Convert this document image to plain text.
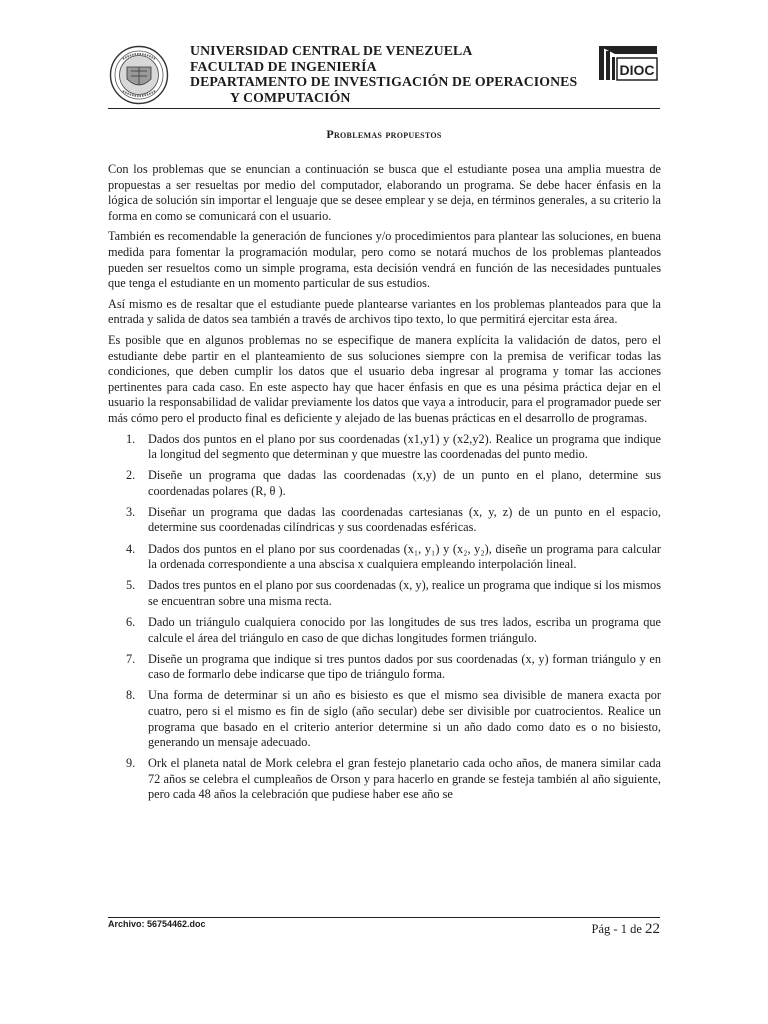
UNIVERSIDAD CENTRAL DE VENEZUELA
FACULTAD DE INGENIERÍA
DEPARTAMENTO DE INVESTIGACIÓN DE OPERACIONES
Y COMPUTACIÓN
DIOC
Problemas propuestos

Con los problemas que se enuncian a continuación se busca que el estudiante posea una amplia muestra de propuestas a ser resueltas por medio del computador, elaborando un programa. Se debe hacer énfasis en la lógica de solución sin importar el lenguaje que se desee emplear y se deja, en términos generales, a su criterio la forma en como se comunicará con el usuario.

También es recomendable la generación de funciones y/o procedimientos para plantear las soluciones, en buena medida para fomentar la programación modular, pero como se notará muchos de los problemas planteados pueden ser resueltos como un simple programa, esta decisión vendrá en función de las necesidades puntuales que tenga el estudiante en un momento particular de sus estudios.

Así mismo es de resaltar que el estudiante puede plantearse variantes en los problemas planteados para que la entrada y salida de datos sea también a través de archivos tipo texto, lo que permitirá ejercitar esta área.

Es posible que en algunos problemas no se especifique de manera explícita la validación de datos, pero el estudiante debe partir en el planteamiento de sus soluciones siempre con la premisa de verificar todas las condiciones, que deben cumplir los datos que el usuario deba ingresar al programa y tomar las acciones pertinentes para cada caso. En este aspecto hay que hacer énfasis en que es una pésima práctica dejar en el usuario la responsabilidad de validar previamente los datos que vaya a introducir, para el programador puede ser más cómo pero el producto final es deficiente y alejado de las buenas prácticas en el desarrollo de programas.

1. Dados dos puntos en el plano por sus coordenadas (x1,y1) y (x2,y2). Realice un programa que indique la longitud del segmento que determinan y que muestre las coordenadas del punto medio.
2. Diseñe un programa que dadas las coordenadas (x,y) de un punto en el plano, determine sus coordenadas polares (R, θ ).
3. Diseñar un programa que dadas las coordenadas cartesianas (x, y, z) de un punto en el espacio, determine sus coordenadas cilíndricas y sus coordenadas esféricas.
4. Dados dos puntos en el plano por sus coordenadas (x₁, y₁) y (x₂, y₂), diseñe un programa para calcular la ordenada correspondiente a una abscisa x cualquiera empleando interpolación lineal.
5. Dados tres puntos en el plano por sus coordenadas (x, y), realice un programa que indique si los mismos se encuentran sobre una misma recta.
6. Dado un triángulo cualquiera conocido por las longitudes de sus tres lados, escriba un programa que calcule el área del triángulo en caso de que dichas longitudes formen triángulo.
7. Diseñe un programa que indique si tres puntos dados por sus coordenadas (x, y) forman triángulo y en caso de formarlo debe indicarse que tipo de triángulo forma.
8. Una forma de determinar si un año es bisiesto es que el mismo sea divisible de manera exacta por cuatro, pero si el mismo es fin de siglo (año secular) debe ser divisible por cuatrocientos. Realice un programa que basado en el criterio anterior determine si un año dado como dato es o no bisiesto, generando un mensaje adecuado.
9. Ork el planeta natal de Mork celebra el gran festejo planetario cada ocho años, de manera similar cada 72 años se celebra el cumpleaños de Orson y para hacerlo en grande se festeja también al año siguiente, pero cada 48 años la celebración que pudiese haber ese año se
Archivo: 56754462.doc	Pág - 1 de 22
